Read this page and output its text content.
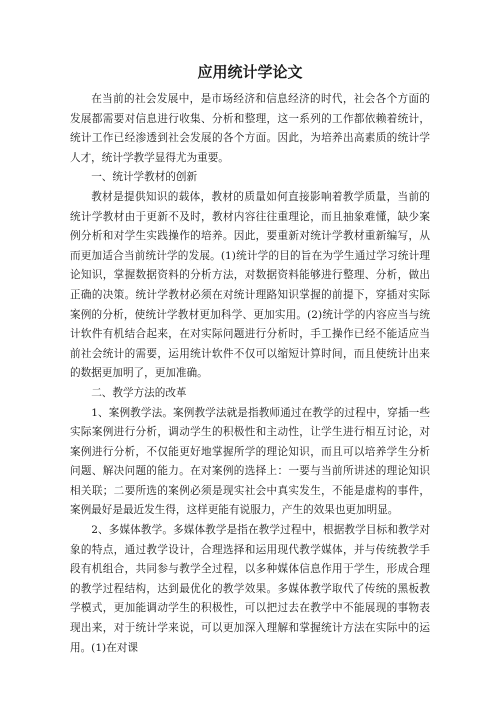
应用统计学论文

在当前的社会发展中，是市场经济和信息经济的时代，社会各个方面的发展都需要对信息进行收集、分析和整理，这一系列的工作都依赖着统计，统计工作已经渗透到社会发展的各个方面。因此，为培养出高素质的统计学人才，统计学教学显得尤为重要。

一、统计学教材的创新

教材是提供知识的载体，教材的质量如何直接影响着教学质量，当前的统计学教材由于更新不及时，教材内容往往重理论，而且抽象难懂，缺少案例分析和对学生实践操作的培养。因此，要重新对统计学教材重新编写，从而更加适合当前统计学的发展。(1)统计学的目的旨在为学生通过学习统计理论知识，掌握数据资料的分析方法，对数据资料能够进行整理、分析，做出正确的决策。统计学教材必须在对统计理路知识掌握的前提下，穿插对实际案例的分析，使统计学教材更加科学、更加实用。(2)统计学的内容应当与统计软件有机结合起来，在对实际问题进行分析时，手工操作已经不能适应当前社会统计的需要，运用统计软件不仅可以缩短计算时间，而且使统计出来的数据更加明了，更加准确。

二、教学方法的改革

1、案例教学法。案例教学法就是指教师通过在教学的过程中，穿插一些实际案例进行分析，调动学生的积极性和主动性，让学生进行相互讨论，对案例进行分析，不仅能更好地掌握所学的理论知识，而且可以培养学生分析问题、解决问题的能力。在对案例的选择上：一要与当前所讲述的理论知识相关联；二要所选的案例必须是现实社会中真实发生，不能是虚构的事件，案例最好是最近发生得，这样更能有说服力，产生的效果也更加明显。

2、多媒体教学。多媒体教学是指在教学过程中，根据教学目标和教学对象的特点，通过教学设计，合理选择和运用现代教学媒体，并与传统教学手段有机组合，共同参与教学全过程，以多种媒体信息作用于学生，形成合理的教学过程结构，达到最优化的教学效果。多媒体教学取代了传统的黑板教学模式，更加能调动学生的积极性，可以把过去在教学中不能展现的事物表现出来，对于统计学来说，可以更加深入理解和掌握统计方法在实际中的运用。(1)在对课
